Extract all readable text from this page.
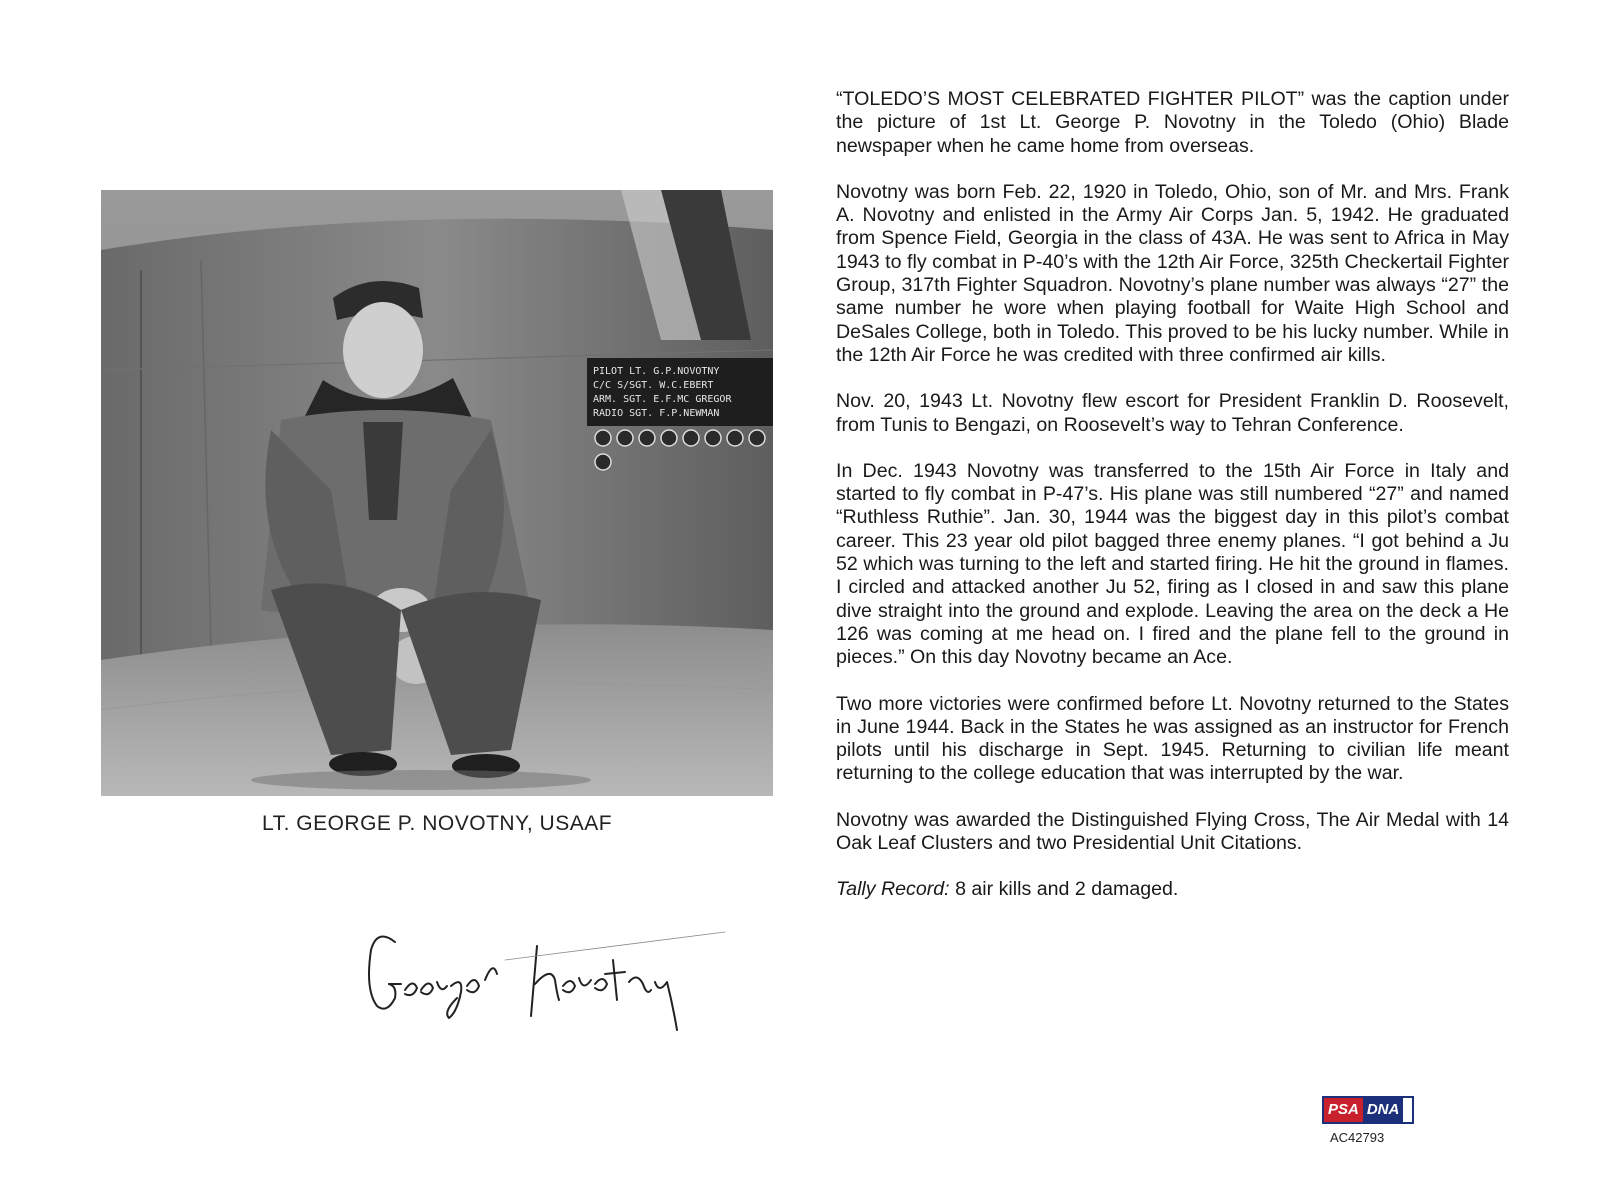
PILOT LT. G.P.NOVOTNY
C/C S/SGT. W.C.EBERT
ARM. SGT. E.F.MC GREGOR
RADIO SGT. F.P.NEWMAN
LT. GEORGE P. NOVOTNY, USAAF

“TOLEDO’S MOST CELEBRATED FIGHTER PILOT” was the caption under the picture of 1st Lt. George P. Novotny in the Toledo (Ohio) Blade newspaper when he came home from overseas.

Novotny was born Feb. 22, 1920 in Toledo, Ohio, son of Mr. and Mrs. Frank A. Novotny and enlisted in the Army Air Corps Jan. 5, 1942. He graduated from Spence Field, Georgia in the class of 43A. He was sent to Africa in May 1943 to fly combat in P-40’s with the 12th Air Force, 325th Checkertail Fighter Group, 317th Fighter Squadron. Novotny’s plane number was always “27” the same number he wore when playing football for Waite High School and DeSales College, both in Toledo. This proved to be his lucky number. While in the 12th Air Force he was credited with three confirmed air kills.

Nov. 20, 1943 Lt. Novotny flew escort for President Franklin D. Roosevelt, from Tunis to Bengazi, on Roosevelt’s way to Tehran Conference.

In Dec. 1943 Novotny was transferred to the 15th Air Force in Italy and started to fly combat in P-47’s. His plane was still numbered “27” and named “Ruthless Ruthie”. Jan. 30, 1944 was the biggest day in this pilot’s combat career. This 23 year old pilot bagged three enemy planes. “I got behind a Ju 52 which was turning to the left and started firing. He hit the ground in flames. I circled and attacked another Ju 52, firing as I closed in and saw this plane dive straight into the ground and explode. Leaving the area on the deck a He 126 was coming at me head on. I fired and the plane fell to the ground in pieces.” On this day Novotny became an Ace.

Two more victories were confirmed before Lt. Novotny returned to the States in June 1944. Back in the States he was assigned as an instructor for French pilots until his discharge in Sept. 1945. Returning to civilian life meant returning to the college education that was interrupted by the war.

Novotny was awarded the Distinguished Flying Cross, The Air Medal with 14 Oak Leaf Clusters and two Presidential Unit Citations.

Tally Record: 8 air kills and 2 damaged.

PSA DNA
AC42793
